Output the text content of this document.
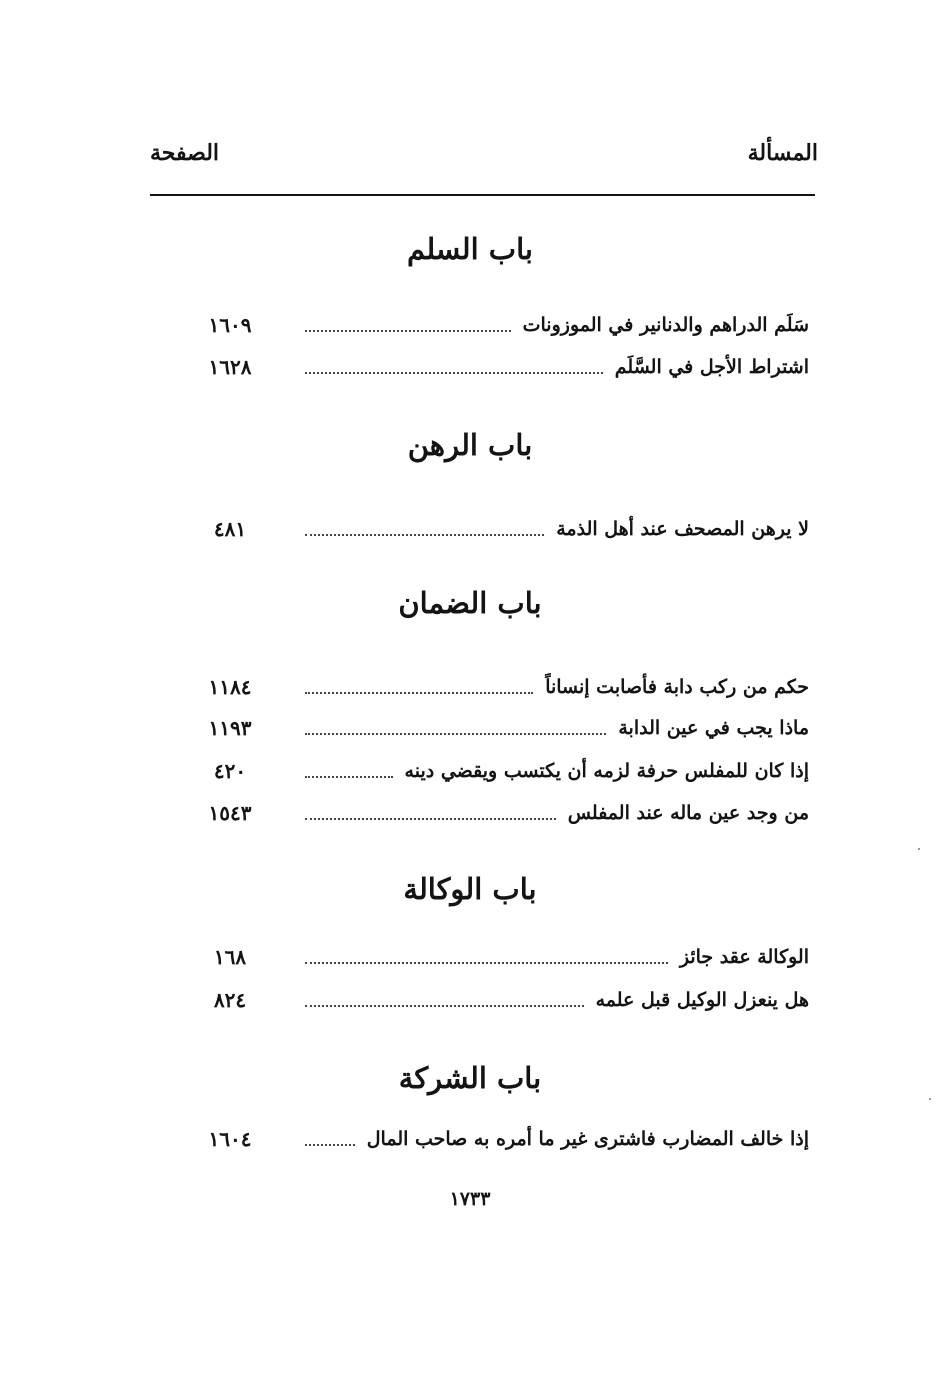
المسألة
الصفحة
باب السلم
سَلَم الدراهم والدنانير في الموزونات
١٦٠٩
اشتراط الأجل في السَّلَم
١٦٢٨
باب الرهن
لا يرهن المصحف عند أهل الذمة
٤٨١
باب الضمان
حكم من ركب دابة فأصابت إنساناً
١١٨٤
ماذا يجب في عين الدابة
١١٩٣
إذا كان للمفلس حرفة لزمه أن يكتسب ويقضي دينه
٤٢٠
من وجد عين ماله عند المفلس
١٥٤٣
باب الوكالة
الوكالة عقد جائز
١٦٨
هل ينعزل الوكيل قبل علمه
٨٢٤
باب الشركة
إذا خالف المضارب فاشترى غير ما أمره به صاحب المال
١٦٠٤
١٧٣٣
